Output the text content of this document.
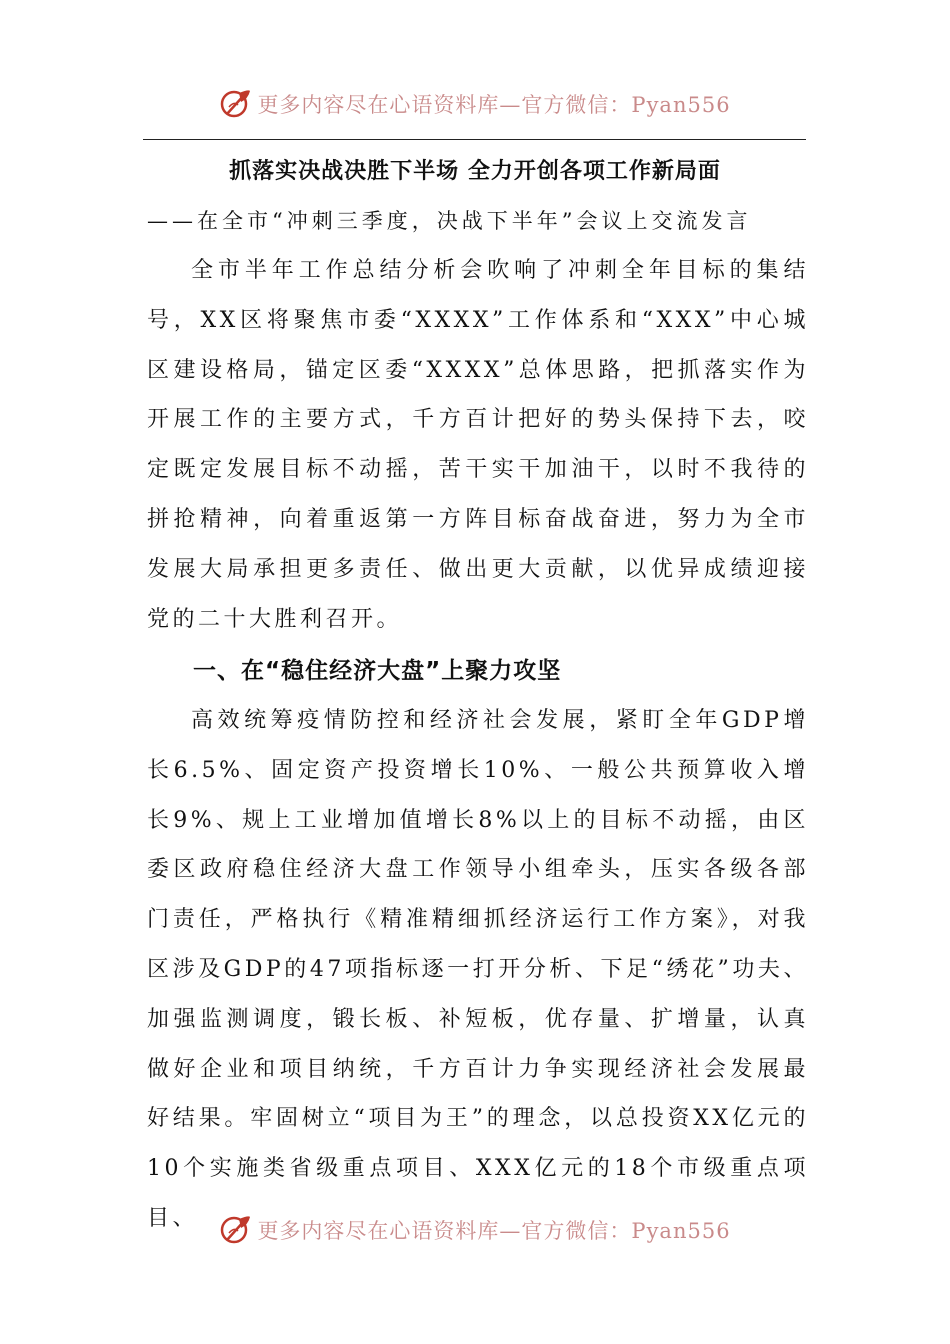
更多内容尽在心语资料库—官方微信：Pyan556
抓落实决战决胜下半场 全力开创各项工作新局面
——在全市“冲刺三季度，决战下半年”会议上交流发言

全市半年工作总结分析会吹响了冲刺全年目标的集结号，XX区将聚焦市委“XXXX”工作体系和“XXX”中心城区建设格局，锚定区委“XXXX”总体思路，把抓落实作为开展工作的主要方式，千方百计把好的势头保持下去，咬定既定发展目标不动摇，苦干实干加油干，以时不我待的拼抢精神，向着重返第一方阵目标奋战奋进，努力为全市发展大局承担更多责任、做出更大贡献，以优异成绩迎接党的二十大胜利召开。

一、在“稳住经济大盘”上聚力攻坚

高效统筹疫情防控和经济社会发展，紧盯全年GDP增长6.5%、固定资产投资增长10%、一般公共预算收入增长9%、规上工业增加值增长8%以上的目标不动摇，由区委区政府稳住经济大盘工作领导小组牵头，压实各级各部门责任，严格执行《精准精细抓经济运行工作方案》，对我区涉及GDP的47项指标逐一打开分析、下足“绣花”功夫、加强监测调度，锻长板、补短板，优存量、扩增量，认真做好企业和项目纳统，千方百计力争实现经济社会发展最好结果。牢固树立“项目为王”的理念，以总投资XX亿元的10个实施类省级重点项目、XXX亿元的18个市级重点项目、

更多内容尽在心语资料库—官方微信：Pyan556
